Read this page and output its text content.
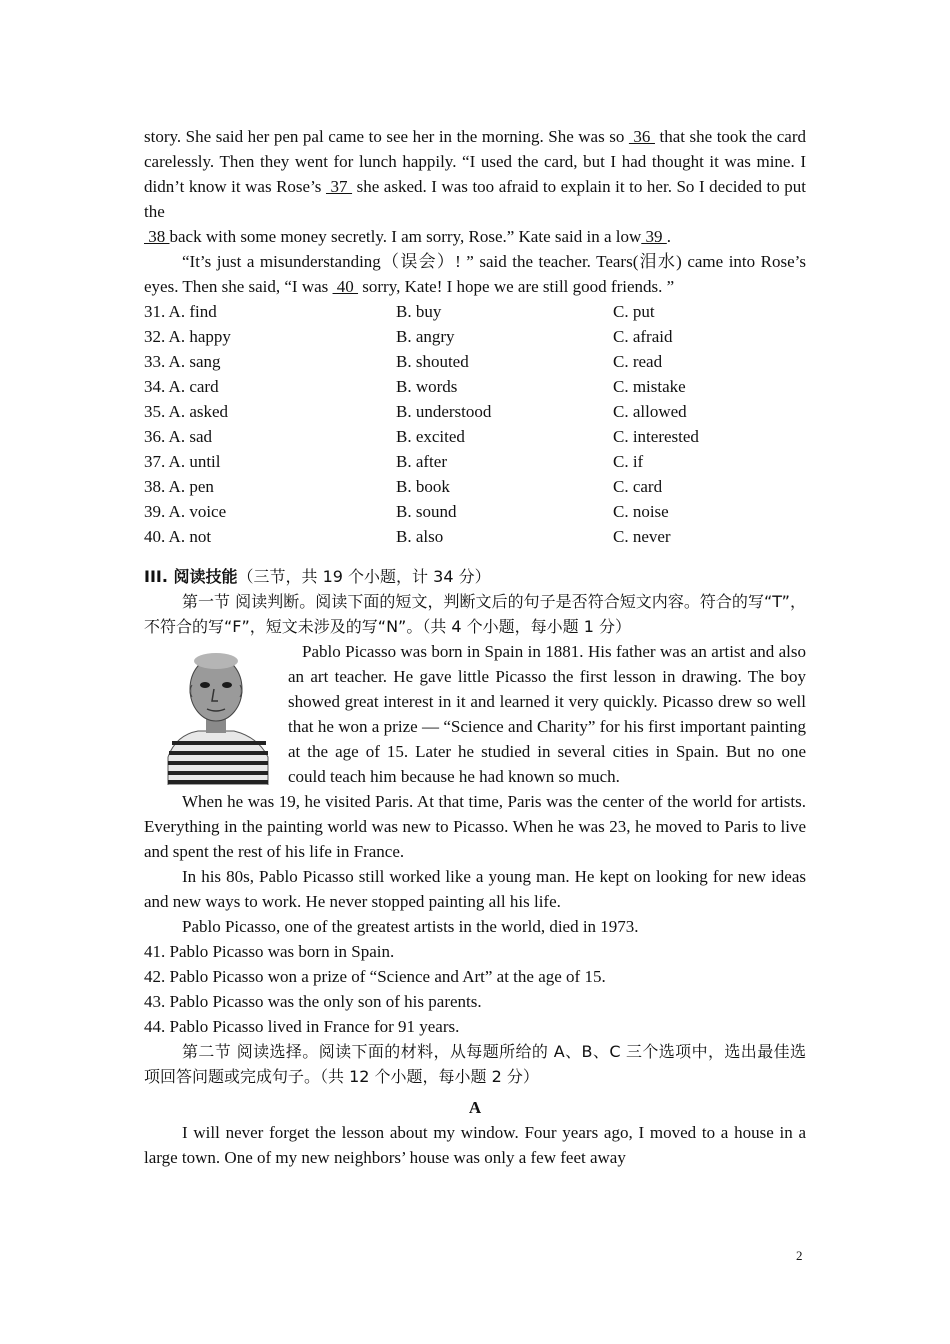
story. She said her pen pal came to see her in the morning. She was so  36  that she took the card carelessly. Then they went for lunch happily. “I used the card, but I had thought it was mine. I didn’t know it was Rose’s  37  she asked. I was too afraid to explain it to her. So I decided to put the
38 back with some money secretly. I am sorry, Rose.” Kate said in a low 39 .

“It’s just a misunderstanding（误会）! ” said the teacher. Tears(泪水) came into Rose’s eyes. Then she said, “I was  40  sorry, Kate! I hope we are still good friends. ”

31. A. find	B. buy	C. put
32. A. happy	B. angry	C. afraid
33. A. sang	B. shouted	C. read
34. A. card	B. words	C. mistake
35. A. asked	B. understood	C. allowed
36. A. sad	B. excited	C. interested
37. A. until	B. after	C. if
38. A. pen	B. book	C. card
39. A. voice	B. sound	C. noise
40. A. not	B. also	C. never

III. 阅读技能（三节，共 19 个小题，计 34 分）

第一节 阅读判断。阅读下面的短文，判断文后的句子是否符合短文内容。符合的写“T”，不符合的写“F”，短文未涉及的写“N”。（共 4 个小题，每小题 1 分）

Pablo Picasso was born in Spain in 1881. His father was an artist and also an art teacher. He gave little Picasso the first lesson in drawing. The boy showed great interest in it and learned it very quickly. Picasso drew so well that he won a prize — “Science and Charity” for his first important painting at the age of 15. Later he studied in several cities in Spain. But no one could teach him because he had known so much.

When he was 19, he visited Paris. At that time, Paris was the center of the world for artists. Everything in the painting world was new to Picasso. When he was 23, he moved to Paris to live and spent the rest of his life in France.

In his 80s, Pablo Picasso still worked like a young man. He kept on looking for new ideas and new ways to work. He never stopped painting all his life.

Pablo Picasso, one of the greatest artists in the world, died in 1973.

41. Pablo Picasso was born in Spain.
42. Pablo Picasso won a prize of “Science and Art” at the age of 15.
43. Pablo Picasso was the only son of his parents.
44. Pablo Picasso lived in France for 91 years.

第二节 阅读选择。阅读下面的材料，从每题所给的 A、B、C 三个选项中，选出最佳选项回答问题或完成句子。（共 12 个小题，每小题 2 分）

A

I will never forget the lesson about my window. Four years ago, I moved to a house in a large town. One of my new neighbors’ house was only a few feet away

2
